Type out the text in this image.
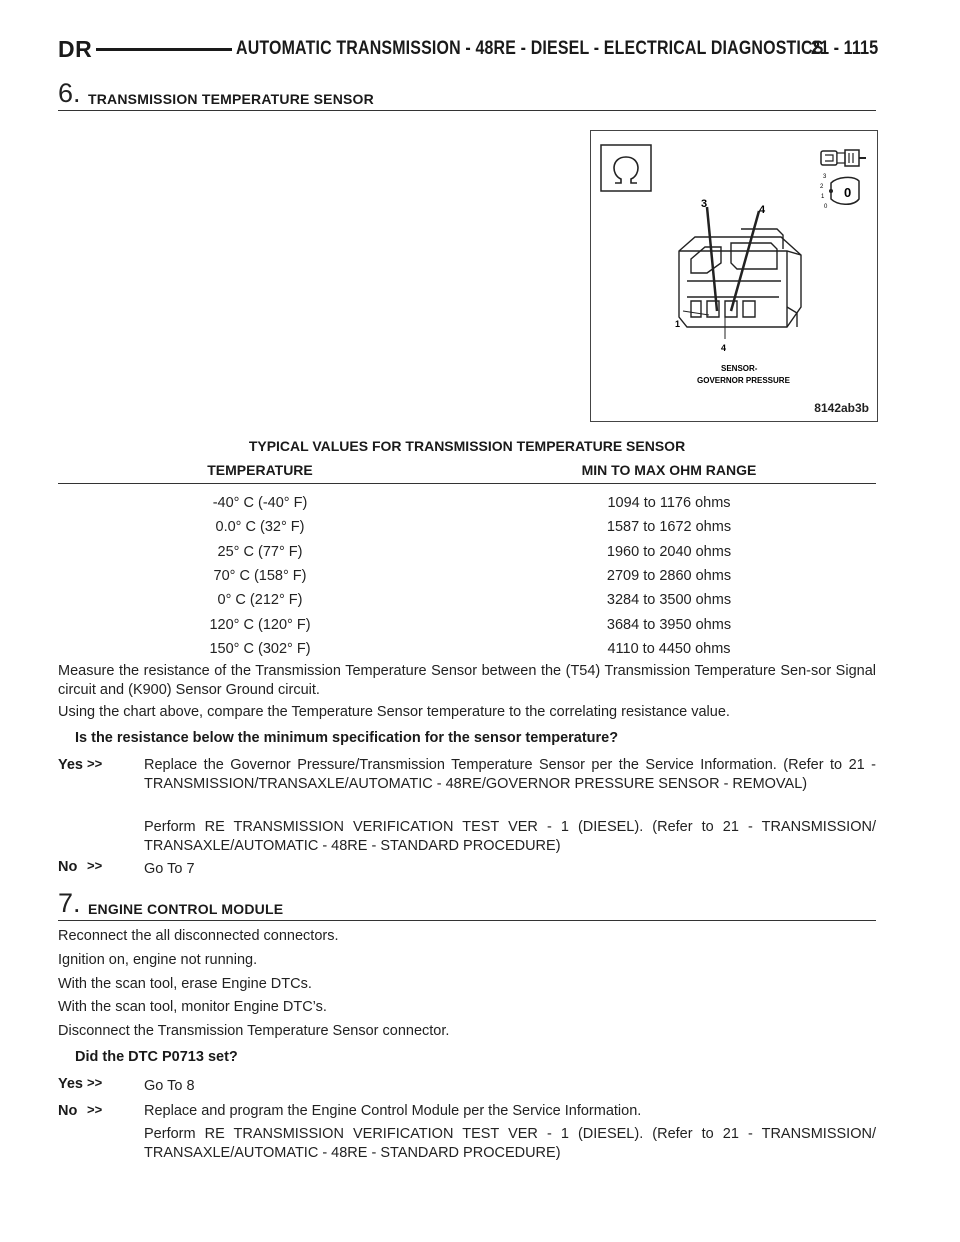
DR	AUTOMATIC TRANSMISSION - 48RE - DIESEL - ELECTRICAL DIAGNOSTICS
21 - 1115
6. TRANSMISSION TEMPERATURE SENSOR
3
2
1
0
0
3	4
1
4
SENSOR-
GOVERNOR PRESSURE
8142ab3b
TYPICAL VALUES FOR TRANSMISSION TEMPERATURE SENSOR
TEMPERATURE	MIN TO MAX OHM RANGE
-40° C (-40° F)	1094 to 1176 ohms
0.0° C (32° F)	1587 to 1672 ohms
25° C (77° F)	1960 to 2040 ohms
70° C (158° F)	2709 to 2860 ohms
0° C (212° F)	3284 to 3500 ohms
120° C (120° F)	3684 to 3950 ohms
150° C (302° F)	4110 to 4450 ohms
Measure the resistance of the Transmission Temperature Sensor between the (T54) Transmission Temperature Sen-sor Signal circuit and (K900) Sensor Ground circuit.
Using the chart above, compare the Temperature Sensor temperature to the correlating resistance value.
Is the resistance below the minimum specification for the sensor temperature?
Yes >>	Replace the Governor Pressure/Transmission Temperature Sensor per the Service Information. (Refer to 21 - TRANSMISSION/TRANSAXLE/AUTOMATIC - 48RE/GOVERNOR PRESSURE SENSOR - REMOVAL)
Perform RE TRANSMISSION VERIFICATION TEST VER - 1 (DIESEL). (Refer to 21 - TRANSMISSION/ TRANSAXLE/AUTOMATIC - 48RE - STANDARD PROCEDURE)
No >>	Go To 7
7. ENGINE CONTROL MODULE
Reconnect the all disconnected connectors.
Ignition on, engine not running.
With the scan tool, erase Engine DTCs.
With the scan tool, monitor Engine DTC’s.
Disconnect the Transmission Temperature Sensor connector.
Did the DTC P0713 set?
Yes >>	Go To 8
No >>	Replace and program the Engine Control Module per the Service Information.
Perform RE TRANSMISSION VERIFICATION TEST VER - 1 (DIESEL). (Refer to 21 - TRANSMISSION/ TRANSAXLE/AUTOMATIC - 48RE - STANDARD PROCEDURE)
